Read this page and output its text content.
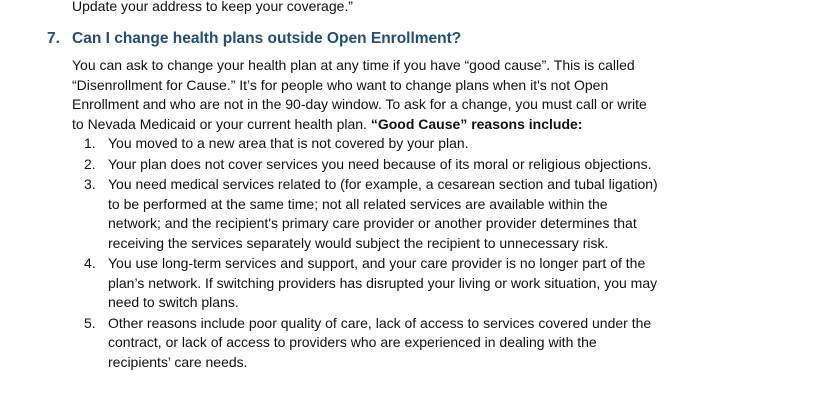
Update your address to keep your coverage.”
7. Can I change health plans outside Open Enrollment?
You can ask to change your health plan at any time if you have “good cause”. This is called
“Disenrollment for Cause.” It’s for people who want to change plans when it's not Open
Enrollment and who are not in the 90-day window. To ask for a change, you must call or write
to Nevada Medicaid or your current health plan. “Good Cause” reasons include:
1. You moved to a new area that is not covered by your plan.
2. Your plan does not cover services you need because of its moral or religious objections.
3. You need medical services related to (for example, a cesarean section and tubal ligation)
to be performed at the same time; not all related services are available within the
network; and the recipient's primary care provider or another provider determines that
receiving the services separately would subject the recipient to unnecessary risk.
4. You use long-term services and support, and your care provider is no longer part of the
plan’s network. If switching providers has disrupted your living or work situation, you may
need to switch plans.
5. Other reasons include poor quality of care, lack of access to services covered under the
contract, or lack of access to providers who are experienced in dealing with the
recipients’ care needs.
